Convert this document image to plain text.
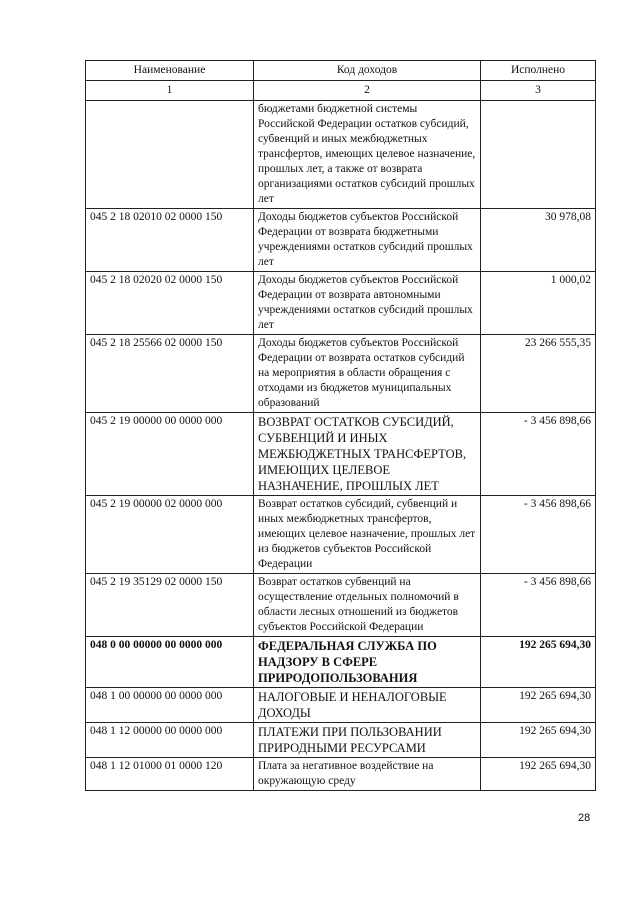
Наименование	Код доходов	Исполнено
1	2	3
	бюджетами бюджетной системы Российской Федерации остатков субсидий, субвенций и иных межбюджетных трансфертов, имеющих целевое назначение, прошлых лет, а также от возврата организациями остатков субсидий прошлых лет	
045 2 18 02010 02 0000 150	Доходы бюджетов субъектов Российской Федерации от возврата бюджетными учреждениями остатков субсидий прошлых лет	30 978,08
045 2 18 02020 02 0000 150	Доходы бюджетов субъектов Российской Федерации от возврата автономными учреждениями остатков субсидий прошлых лет	1 000,02
045 2 18 25566 02 0000 150	Доходы бюджетов субъектов Российской Федерации от возврата остатков субсидий на мероприятия в области обращения с отходами из бюджетов муниципальных образований	23 266 555,35
045 2 19 00000 00 0000 000	ВОЗВРАТ ОСТАТКОВ СУБСИДИЙ, СУБВЕНЦИЙ И ИНЫХ МЕЖБЮДЖЕТНЫХ ТРАНСФЕРТОВ, ИМЕЮЩИХ ЦЕЛЕВОЕ НАЗНАЧЕНИЕ, ПРОШЛЫХ ЛЕТ	- 3 456 898,66
045 2 19 00000 02 0000 000	Возврат остатков субсидий, субвенций и иных межбюджетных трансфертов, имеющих целевое назначение, прошлых лет из бюджетов субъектов Российской Федерации	- 3 456 898,66
045 2 19 35129 02 0000 150	Возврат остатков субвенций на осуществление отдельных полномочий в области лесных отношений из бюджетов субъектов Российской Федерации	- 3 456 898,66
048 0 00 00000 00 0000 000	ФЕДЕРАЛЬНАЯ СЛУЖБА ПО НАДЗОРУ В СФЕРЕ ПРИРОДОПОЛЬЗОВАНИЯ	192 265 694,30
048 1 00 00000 00 0000 000	НАЛОГОВЫЕ И НЕНАЛОГОВЫЕ ДОХОДЫ	192 265 694,30
048 1 12 00000 00 0000 000	ПЛАТЕЖИ ПРИ ПОЛЬЗОВАНИИ ПРИРОДНЫМИ РЕСУРСАМИ	192 265 694,30
048 1 12 01000 01 0000 120	Плата за негативное воздействие на окружающую среду	192 265 694,30
28
